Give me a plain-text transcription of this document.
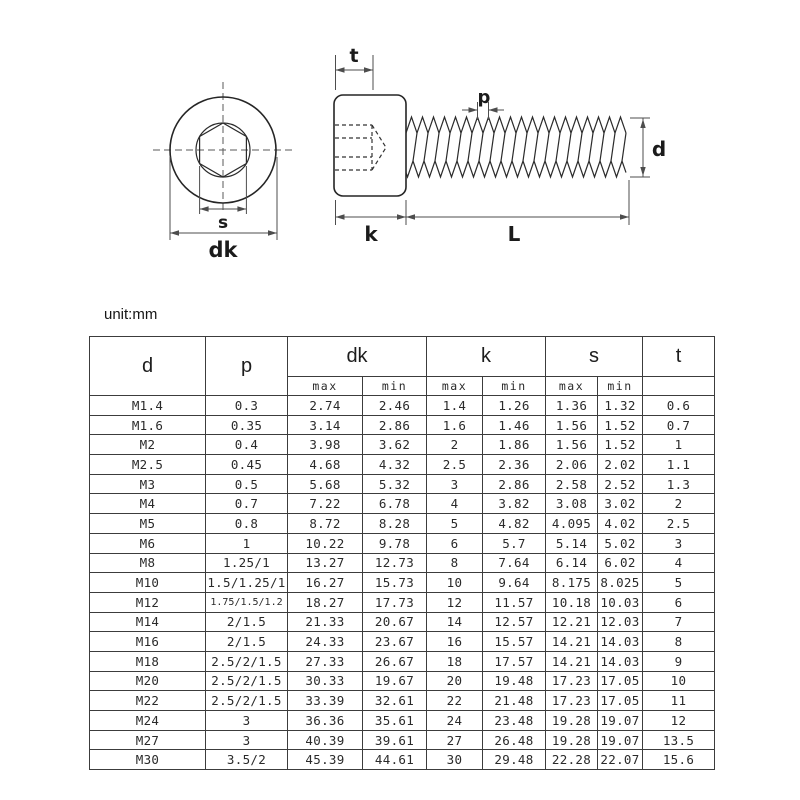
s
dk
t
p
d
k	L
unit:mm
d	p	dk		k		s		t
		max	min	max	min	max	min	
M1.4	0.3	2.74	2.46	1.4	1.26	1.36	1.32	0.6
M1.6	0.35	3.14	2.86	1.6	1.46	1.56	1.52	0.7
M2	0.4	3.98	3.62	2	1.86	1.56	1.52	1
M2.5	0.45	4.68	4.32	2.5	2.36	2.06	2.02	1.1
M3	0.5	5.68	5.32	3	2.86	2.58	2.52	1.3
M4	0.7	7.22	6.78	4	3.82	3.08	3.02	2
M5	0.8	8.72	8.28	5	4.82	4.095	4.02	2.5
M6	1	10.22	9.78	6	5.7	5.14	5.02	3
M8	1.25/1	13.27	12.73	8	7.64	6.14	6.02	4
M10	1.5/1.25/1	16.27	15.73	10	9.64	8.175	8.025	5
M12	1.75/1.5/1.2	18.27	17.73	12	11.57	10.18	10.03	6
M14	2/1.5	21.33	20.67	14	12.57	12.21	12.03	7
M16	2/1.5	24.33	23.67	16	15.57	14.21	14.03	8
M18	2.5/2/1.5	27.33	26.67	18	17.57	14.21	14.03	9
M20	2.5/2/1.5	30.33	19.67	20	19.48	17.23	17.05	10
M22	2.5/2/1.5	33.39	32.61	22	21.48	17.23	17.05	11
M24	3	36.36	35.61	24	23.48	19.28	19.07	12
M27	3	40.39	39.61	27	26.48	19.28	19.07	13.5
M30	3.5/2	45.39	44.61	30	29.48	22.28	22.07	15.6
